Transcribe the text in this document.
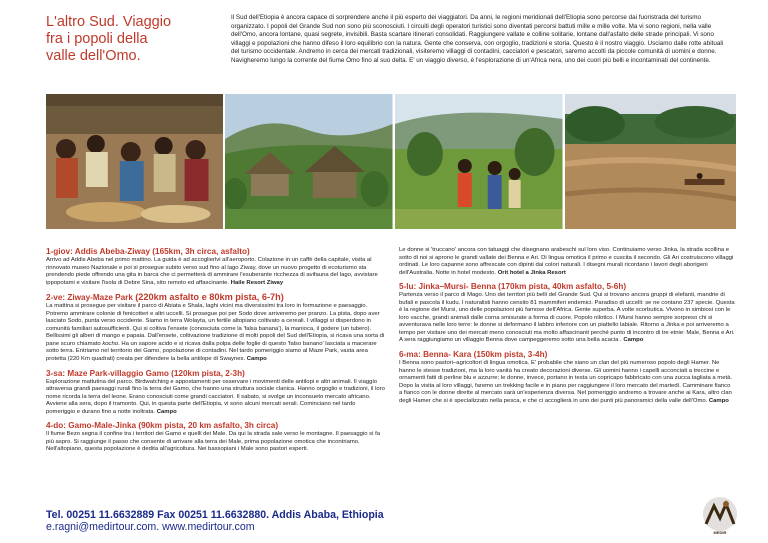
L'altro Sud. Viaggio fra i popoli della valle dell'Omo.
Il Sud dell'Etiopia è ancora capace di sorprendere anche il più esperto dei viaggiatori. Da anni, le regioni meridionali dell'Etiopia sono percorse dai fuoristrada del turismo organizzato. I popoli del Grande Sud non sono più sconosciuti. I circuiti degli operatori turistici sono diventati percorsi battuti mille e mille volte. Ma vi sono regioni, nella valle dell'Omo, ancora lontane, quasi segrete, invisibili. Basta scartare itinerari consolidati. Raggiungere vallate e colline solitarie, lontane dall'asfalto delle strade principali. Vi sono villaggi e popolazioni che hanno difeso il loro equilibrio con la natura. Gente che conserva, con orgoglio, tradizioni e storia. Questo è il nostro viaggio. Usciamo dalle rotte abituali del turismo occidentale. Andremo in cerca dei mercati tradizionali, visiteremo villaggi di contadini, cacciatori e pescatori, saremo accolti da piccole comunità di uomini e donne. Navigheremo lungo la corrente del fiume Omo fino al suo delta. E' un viaggio diverso, è l'esplorazione di un'Africa nera, uno dei cuori più belli e incontaminati del continente.
1-giov: Addis Abeba-Ziway (165km, 3h circa, asfalto)
Arrivo ad Addis Abeba nel primo mattino. La guida è ad accoglierlvi all'aeroporto. Colazione in un caffè della capitale, visita al rinnovato museo Nazionale e poi si prosegue subito verso sud fino al lago Ziway, dove un nuovo progetto di ecoturismo sta prendendo piede offrendo una gita in barca che ci permetterà di ammirare l'esuberante ricchezza di avifauna del lago, avvistare ippopotami e visitare l'isola di Debre Sina, sito remoto ed affascinante. Haile Resort Ziway
2-ve: Ziway-Maze Park (220km asfalto e 80km pista, 6-7h)
La mattina si prosegue per visitare il parco di Abiata e Shala, laghi vicini ma diversissimi tra loro in formazione e paesaggio. Potremo ammirare colonie di fenicotteri e altri uccelli. Si prosegue poi per Sodo dove arriveremo per pranzo. La pista, dopo aver lasciato Sodo, punta verso occidente. Siamo in terra Wolayta, un fertile altopiano coltivato a cereali. I villaggi si disperdono in comunità familiari autosufficienti. Qui si coltiva l'ensete (conosciuta come la 'falsa banana'), la manioca, il godere (un tubero). Bellissimi gli alberi di mango e papaia. Dall'ensete, coltivazione tradizione di molti popoli del Sud dell'Etiopia, si ricava una sorta di pane scuro chiamato kocho. Ha un sapore acido e si ricava dalla polpa delle foglie di questo 'falso banano' lasciata a macerare sotto terra. Entriamo nel territorio dei Gamo, popolazione di contadini. Nel tardo pomeriggio siamo al Maze Park, vasta area protetta (220 Km quadrati) creata per difendere la bella antilope di Swaynes. Campo
3-sa: Maze Park-villaggio Gamo (120km pista, 2-3h)
Esplorazione mattutina del parco. Birdwatching e appostamenti per osservare i movimenti delle antilopi e altri animali. Il viaggio attraversa grandi paesaggi rurali fino la terra dei Gamo, che hanno una struttura sociale clanica. Hanno orgoglio e tradizioni, il loro nome ricorda la terra del leone. Erano conosciuti come grandi cacciatori. Il sabato, si svolge un inconsueto mercato africano. Avviene alla sera, dopo il tramonto. Qui, in questa parte dell'Etiopia, vi sono alcuni mercati serali. Cominciano nel tardo pomeriggio e durano fino a notte inoltrata. Campo
4-do: Gamo-Male-Jinka (90km pista, 20 km asfalto, 3h circa)
Il fiume Bezo segna il confine tra i territori dei Gamo e quelli dei Male. Da qui la strada sale verso le montagne. Il paesaggio si fa più aspro. Si raggiunge il passo che consente di arrivare alla terra dei Male, prima popolazione omotica che incontriamo. Nell'altopiano, questa popolazione è dedita all'agricoltura. Nei bassopiani i Male sono pastori esperti.
Le donne si 'truccano' ancora con tatuaggi che disegnano arabeschi sul loro viso. Continuiamo verso Jinka, la strada scollina e sotto di noi si aprono le grandi vallate dei Benna e Ari. Di lingua omotica il primo e cuscita il secondo. Gli Ari costruiscono villaggi ordinati. Le loro capanne sono affrescate con dipinti dai colori naturali. I disegni murali ricordano i lavori degli aborigeni dell'Australia. Notte in hotel modesto. Orit hotel a Jinka Resort
5-lu: Jinka–Mursi- Benna (170km pista, 40km asfalto, 5-6h)
Partenza verso il parco di Mago. Uno dei territori più belli del Grande Sud. Qui si trovano ancora gruppi di elefanti, mandrie di bufali e pascola il kudu. I naturalisti hanno censito 81 mammiferi endemici. Paradiso di uccelli: se ne contano 237 specie. Questa è la regione dei Mursi, uno delle popolazioni più famose dell'Africa. Gente superba. A volte scorbutica. Vivono in simbiosi con le loro vacche, grandi animali dalle corna smisurate a forma di cuore. Popolo nilotico. I Mursi hanno sempre sorpreso chi si avventurava nelle loro terre: le donne si deformano il labbro inferiore con un piattello labiale. Ritorno a Jinka e poi arriveremo a tempo per visitare uno dei mercati meno conosciuti ma molto affascinanti perché punto di incontro di tre etnie: Male, Benna e Ari. A sera raggiungiamo un villaggio Benna dove campeggeremo sotto una bella acacia . Campo
6-ma: Benna- Kara (150km pista, 3-4h)
I Benna sono pastori–agricoltori di lingua omotica. E' probabile che siano un clan del più numeroso popolo degli Hamer. Ne hanno le stesse tradizioni, ma la loro vanità ha creato decorazioni diverse. Gli uomini hanno i capelli acconciati a treccine e ornamenti fatti di perline blu e azzurre; le donne, invece, portano in testa un copricapo fabbricato con una zucca tagliata a metà. Dopo la visita al loro villaggi, faremo un trekking facile e in piano per raggiungere il loro mercato del martedì. Camminare fianco a fianco con le donne dirette al mercato sarà un'esperienza diversa. Nel pomeriggio andremo a trovare anche ai Kara, altro clan degli Hamer che si è specializzato nella pesca, e che ci accoglierà in uno dei punti più panoramici della valle dell'Omo. Campo
Tel. 00251 11.6632889 Fax 00251 11.6632880. Addis Ababa, Ethiopia
e.ragni@medirtour.com. www.medirtour.com	MEDIR
